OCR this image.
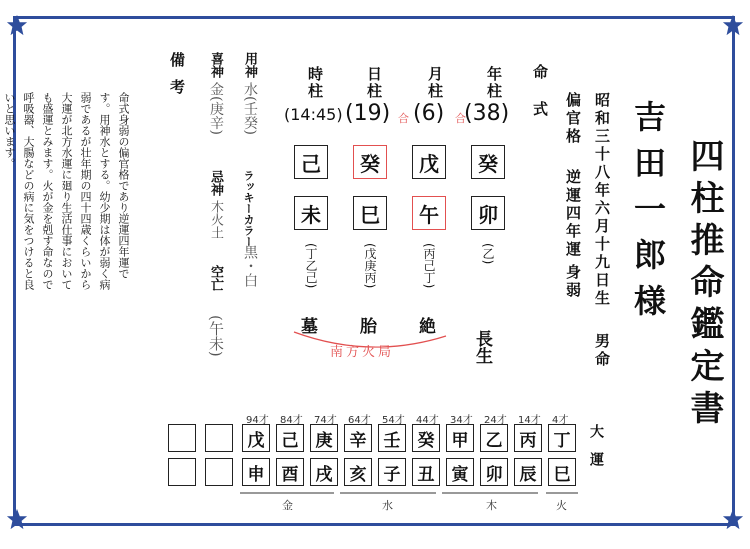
四柱推命鑑定書
吉田一郎様
昭和三十八年六月十九日生
男命
偏官格
逆運四年運
身弱
命式
年柱
月柱
日柱
時柱
(38)
(6)
(19)
(14:45)	合
合
癸
戊
癸
己
卯
午
巳
未
(乙)
(丙己丁)
(戊庚丙)
(丁乙己)
長生
絶
胎
墓
南方火局
用神
水(壬癸)
喜神
金(庚辛)
忌神
木火土 ラッキーカラー
黒・白
空亡
(午未)
備考
命式身弱の偏官格であり逆運四年運です。用神水とする。幼少期は体が弱く病弱であるが壮年期の四十四歳くらいから大運が北方水運に廻り生活仕事においても盛運とみます。火が金を剋す命なので呼吸器、大腸などの病に気をつけると良いと思います。
大運
4才
14才
24才
34才
44才
54才
64才
74才
84才
94才
丁
丙
乙
甲
癸
壬
辛
庚
己
戊
巳
辰
卯
寅
丑
子
亥
戌
酉
申
火
木
水
金
